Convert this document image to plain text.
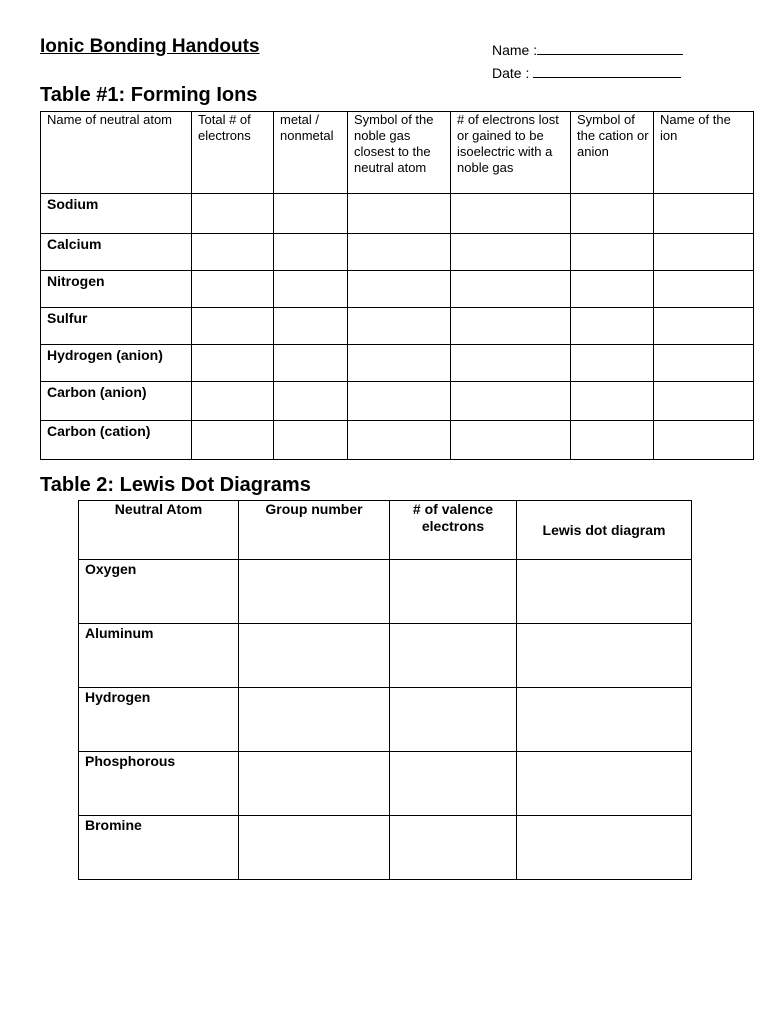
Ionic Bonding Handouts	Name :
Date :
Table #1: Forming Ions
Name of neutral atom	Total # of electrons	metal / nonmetal	Symbol of the noble gas closest to the neutral atom	# of electrons lost or gained to be isoelectric with a noble gas	Symbol of the cation or anion	Name of the ion
Sodium						
Calcium						
Nitrogen						
Sulfur						
Hydrogen (anion)						
Carbon (anion)						
Carbon (cation)						
Table 2: Lewis Dot Diagrams
Neutral Atom	Group number	# of valence electrons	Lewis dot diagram
Oxygen			
Aluminum			
Hydrogen			
Phosphorous			
Bromine			
